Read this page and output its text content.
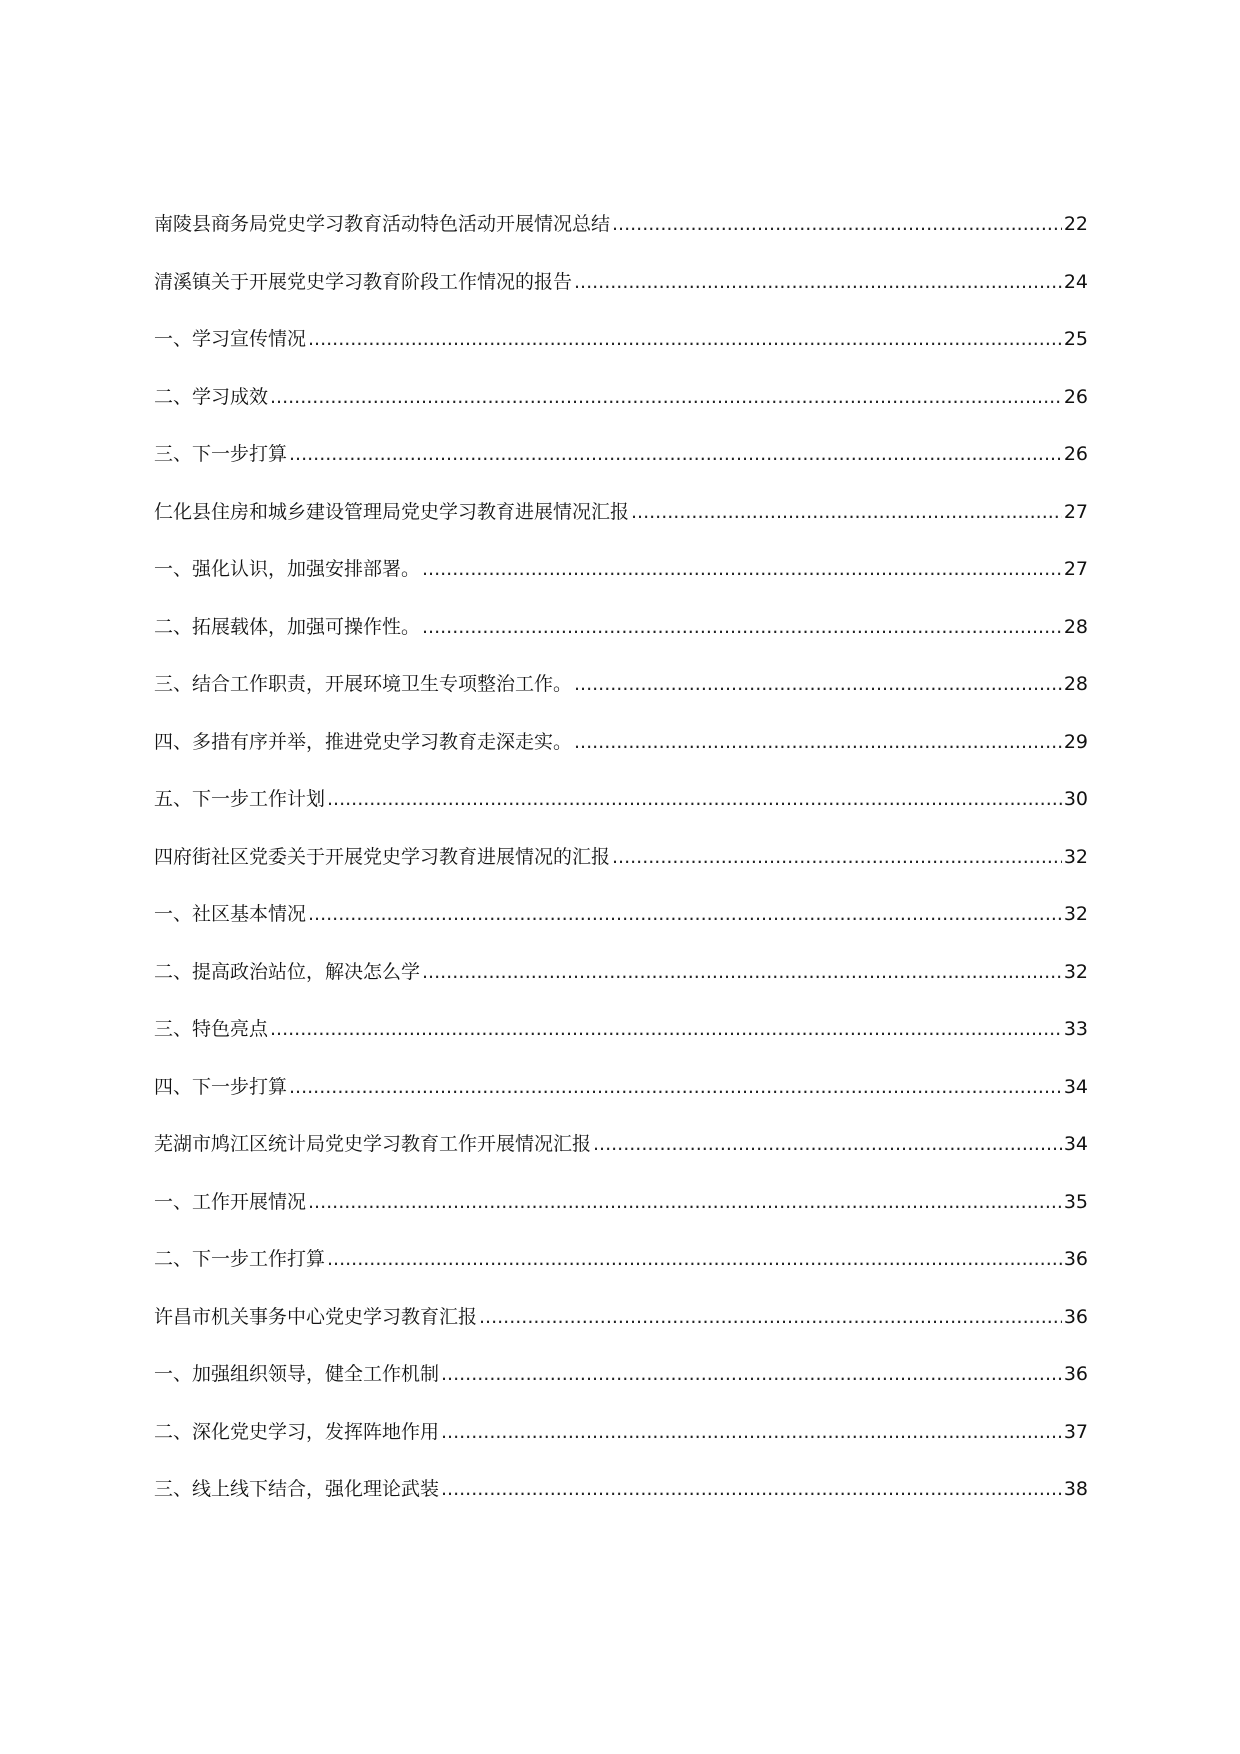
南陵县商务局党史学习教育活动特色活动开展情况总结 .....	22
清溪镇关于开展党史学习教育阶段工作情况的报告 .....	24
一、学习宣传情况 .....	25
二、学习成效 .....	26
三、下一步打算 .....	26
仁化县住房和城乡建设管理局党史学习教育进展情况汇报 .....	27
一、强化认识，加强安排部署。 .....	27
二、拓展载体，加强可操作性。 .....	28
三、结合工作职责，开展环境卫生专项整治工作。 .....	28
四、多措有序并举，推进党史学习教育走深走实。 .....	29
五、下一步工作计划 .....	30
四府街社区党委关于开展党史学习教育进展情况的汇报 .....	32
一、社区基本情况 .....	32
二、提高政治站位，解决怎么学 .....	32
三、特色亮点 .....	33
四、下一步打算 .....	34
芜湖市鸠江区统计局党史学习教育工作开展情况汇报 .....	34
一、工作开展情况 .....	35
二、下一步工作打算 .....	36
许昌市机关事务中心党史学习教育汇报 .....	36
一、加强组织领导，健全工作机制 .....	36
二、深化党史学习，发挥阵地作用 .....	37
三、线上线下结合，强化理论武装 .....	38
